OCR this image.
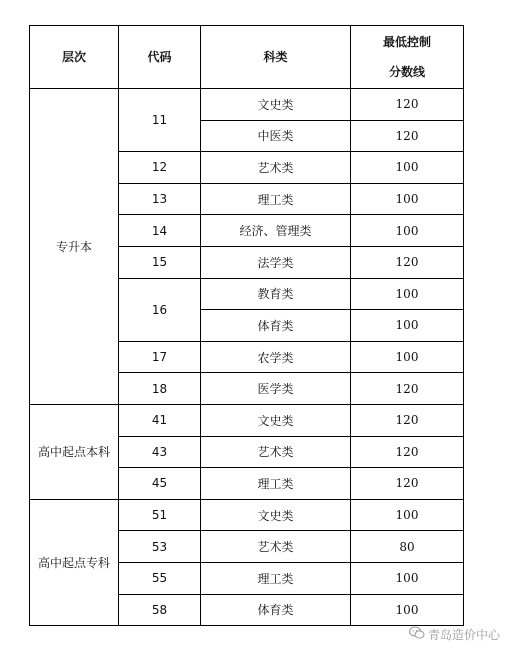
层次	代码	科类	最低控制
分数线
专升本	11	文史类	120
		中医类	120
	12	艺术类	100
	13	理工类	100
	14	经济、管理类	100
	15	法学类	120
	16	教育类	100
		体育类	100
	17	农学类	100
	18	医学类	120
高中起点本科	41	文史类	120
	43	艺术类	120
	45	理工类	120
高中起点专科	51	文史类	100
	53	艺术类	80
	55	理工类	100
	58	体育类	100
青岛造价中心
